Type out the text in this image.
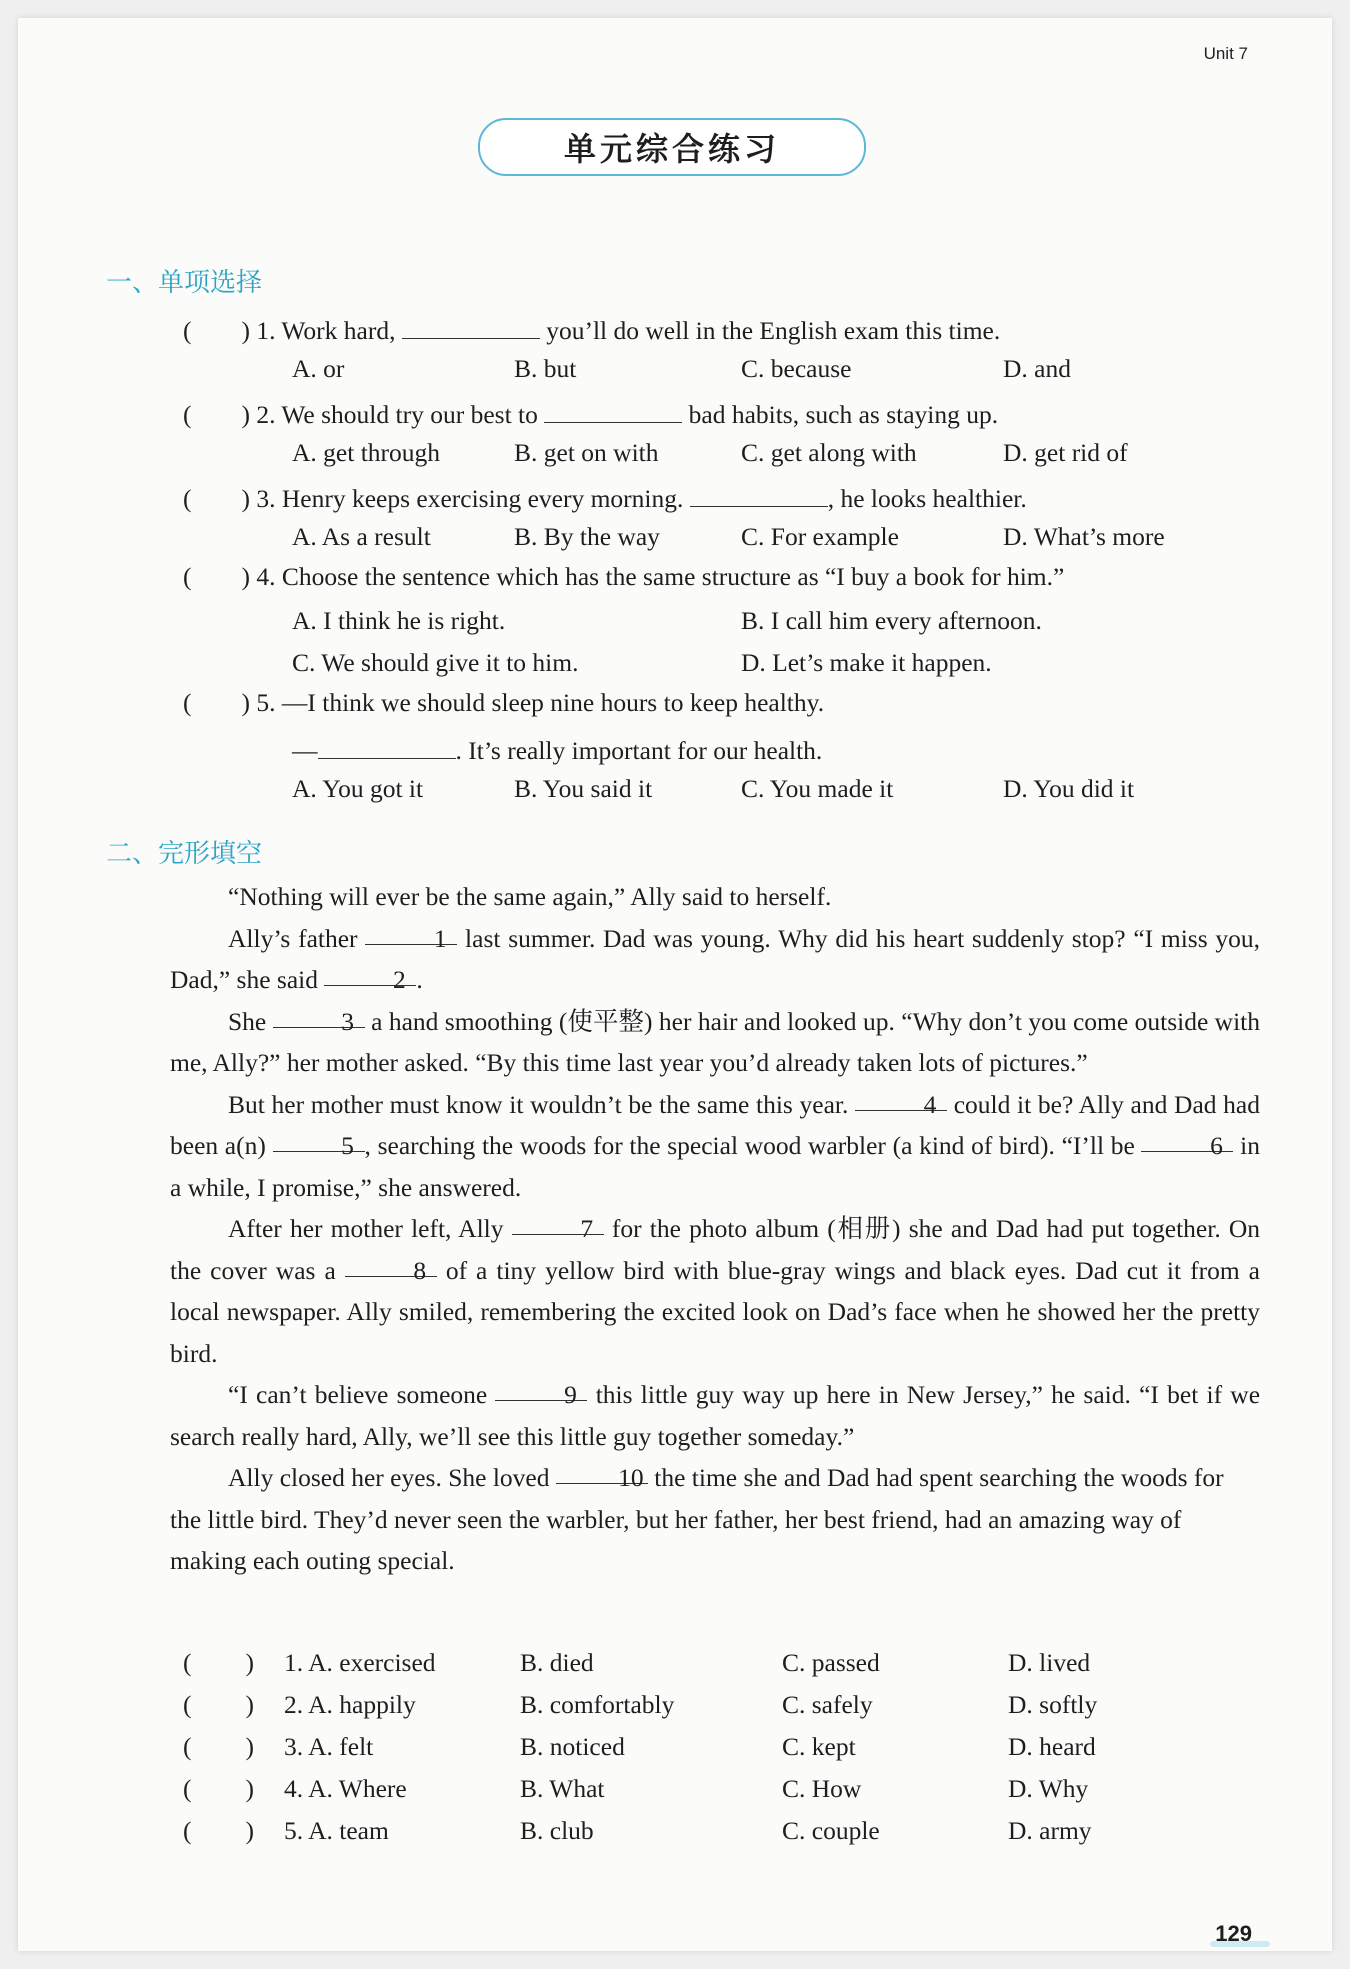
Unit 7
单元综合练习
一、单项选择
( ) 1. Work hard,	you’ll do well in the English exam this time.
A. or	B. but	C. because	D. and
( ) 2. We should try our best to	bad habits, such as staying up.
A. get through	B. get on with	C. get along with	D. get rid of
( ) 3. Henry keeps exercising every morning.	, he looks healthier.
A. As a result	B. By the way	C. For example	D. What’s more
( ) 4. Choose the sentence which has the same structure as “I buy a book for him.”
A. I think he is right.	B. I call him every afternoon.
C. We should give it to him.	D. Let’s make it happen.
( ) 5. —I think we should sleep nine hours to keep healthy.
—	. It’s really important for our health.
A. You got it	B. You said it	C. You made it	D. You did it
二、完形填空

“Nothing will ever be the same again,” Ally said to herself.

Ally’s father	1 last summer. Dad was young. Why did his heart suddenly stop? “I miss you, Dad,” she said	2 .

She	3 a hand smoothing (使平整) her hair and looked up. “Why don’t you come outside with me, Ally?” her mother asked. “By this time last year you’d already taken lots of pictures.”

But her mother must know it wouldn’t be the same this year.	4 could it be? Ally and Dad had been a(n)	5 , searching the woods for the special wood warbler (a kind of bird). “I’ll be	6 in a while, I promise,” she answered.

After her mother left, Ally	7 for the photo album (相册) she and Dad had put together. On the cover was a	8 of a tiny yellow bird with blue-gray wings and black eyes. Dad cut it from a local newspaper. Ally smiled, remembering the excited look on Dad’s face when he showed her the pretty bird.

“I can’t believe someone	9 this little guy way up here in New Jersey,” he said. “I bet if we search really hard, Ally, we’ll see this little guy together someday.”

Ally closed her eyes. She loved	10 the time she and Dad had spent searching the woods for the little bird. They’d never seen the warbler, but her father, her best friend, had an amazing way of making each outing special.

( ) 1. A. exercised	B. died	C. passed	D. lived
( ) 2. A. happily	B. comfortably	C. safely	D. softly
( ) 3. A. felt	B. noticed	C. kept	D. heard
( ) 4. A. Where	B. What	C. How	D. Why
( ) 5. A. team	B. club	C. couple	D. army
129
